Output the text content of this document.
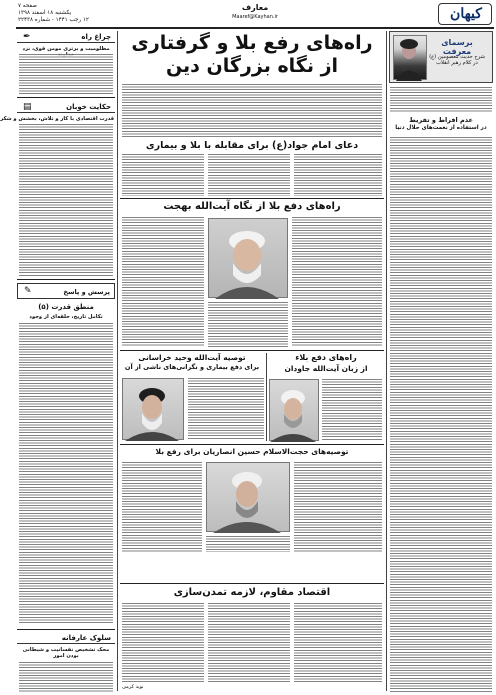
صفحه ۷
یکشنبه ۱۸ اسفند ۱۳۹۸
۱۲ رجب ۱۴۴۱ - شماره ۲۲۴۳۸
معارف
Maaref@Kayhan.ir	کیهان
✒	چراغ راه
مظلومیت و برتری مومن قوی، نزد
▤	حکایت خوبان
قدرت اقتصادی با کار و تلاش، بخشش و شکر
✎	پرسش و پاسخ
منطق قدرت (۵)
تکامل تاریخ، حلقه‌ای از وجود
سلوک عارفانه
محک تشخیص نفسانیت و شیطانی بودن امور
برسمای معرفت
شرح حدیث معصومین (ع) در کلام رهبر انقلاب
عدم افراط و تفریط
در استفاده از نعمت‌های حلال دنیا
راه‌های رفع بلا و گرفتاری
از نگاه بزرگان دین
دعای امام جواد(ع) برای مقابله با بلا و بیماری
راه‌های دفع بلا از نگاه آیت‌الله بهجت
توصیه آیت‌الله وحید خراسانی
برای دفع بیماری و نگرانی‌های ناشی از آن
راه‌های دفع بلاء
از زبان آیت‌الله جاودان
توصیه‌های حجت‌الاسلام حسین انصاریان برای رفع بلا
اقتصاد مقاوم، لازمه تمدن‌سازی
نوید کرمی
